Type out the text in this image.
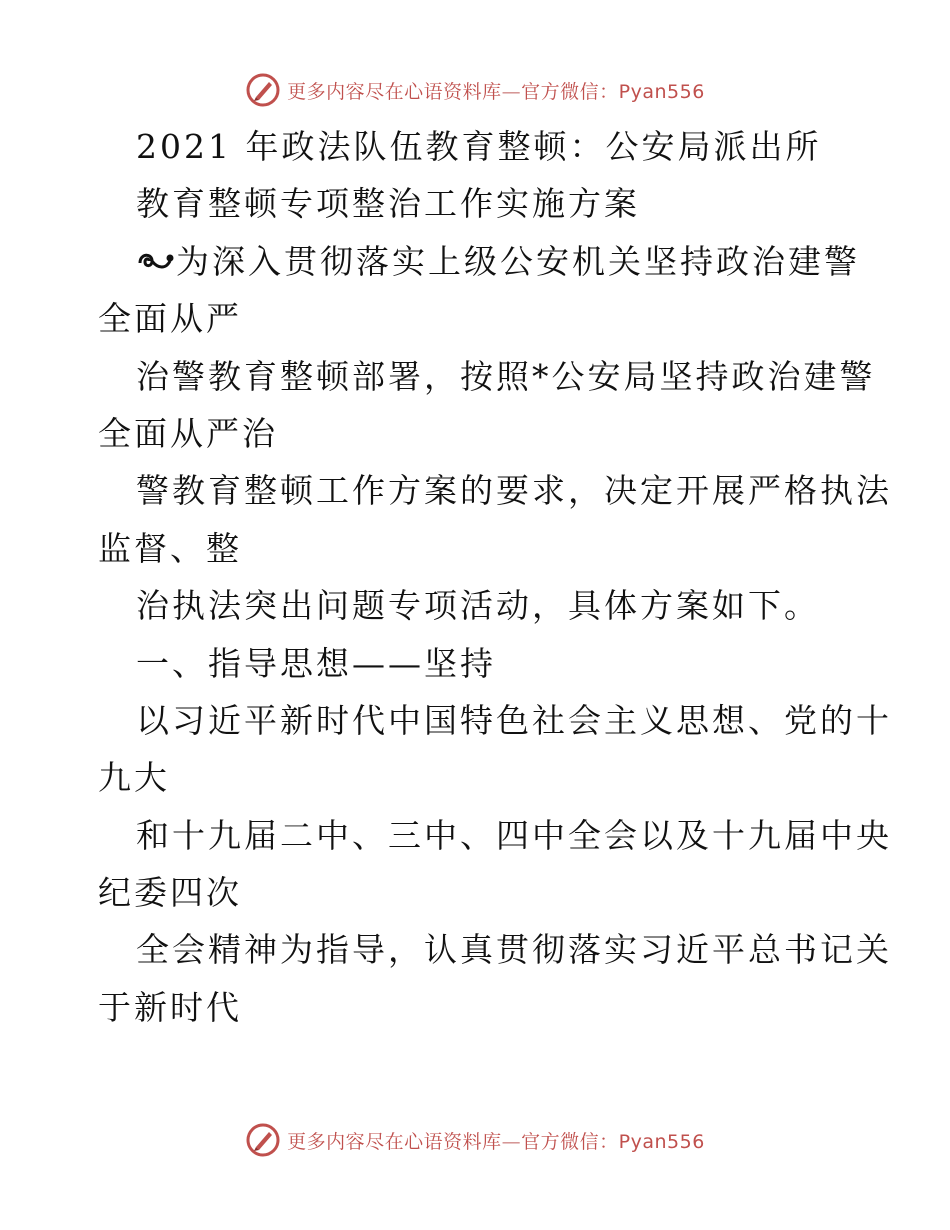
更多内容尽在心语资料库—官方微信：Pyan556
2021 年政法队伍教育整顿：公安局派出所
教育整顿专项整治工作实施方案
为深入贯彻落实上级公安机关坚持政治建警
全面从严
治警教育整顿部署，按照*公安局坚持政治建警
全面从严治
警教育整顿工作方案的要求，决定开展严格执法
监督、整
治执法突出问题专项活动，具体方案如下。
一、指导思想——坚持
以习近平新时代中国特色社会主义思想、党的十
九大
和十九届二中、三中、四中全会以及十九届中央
纪委四次
全会精神为指导，认真贯彻落实习近平总书记关
于新时代
更多内容尽在心语资料库—官方微信：Pyan556
